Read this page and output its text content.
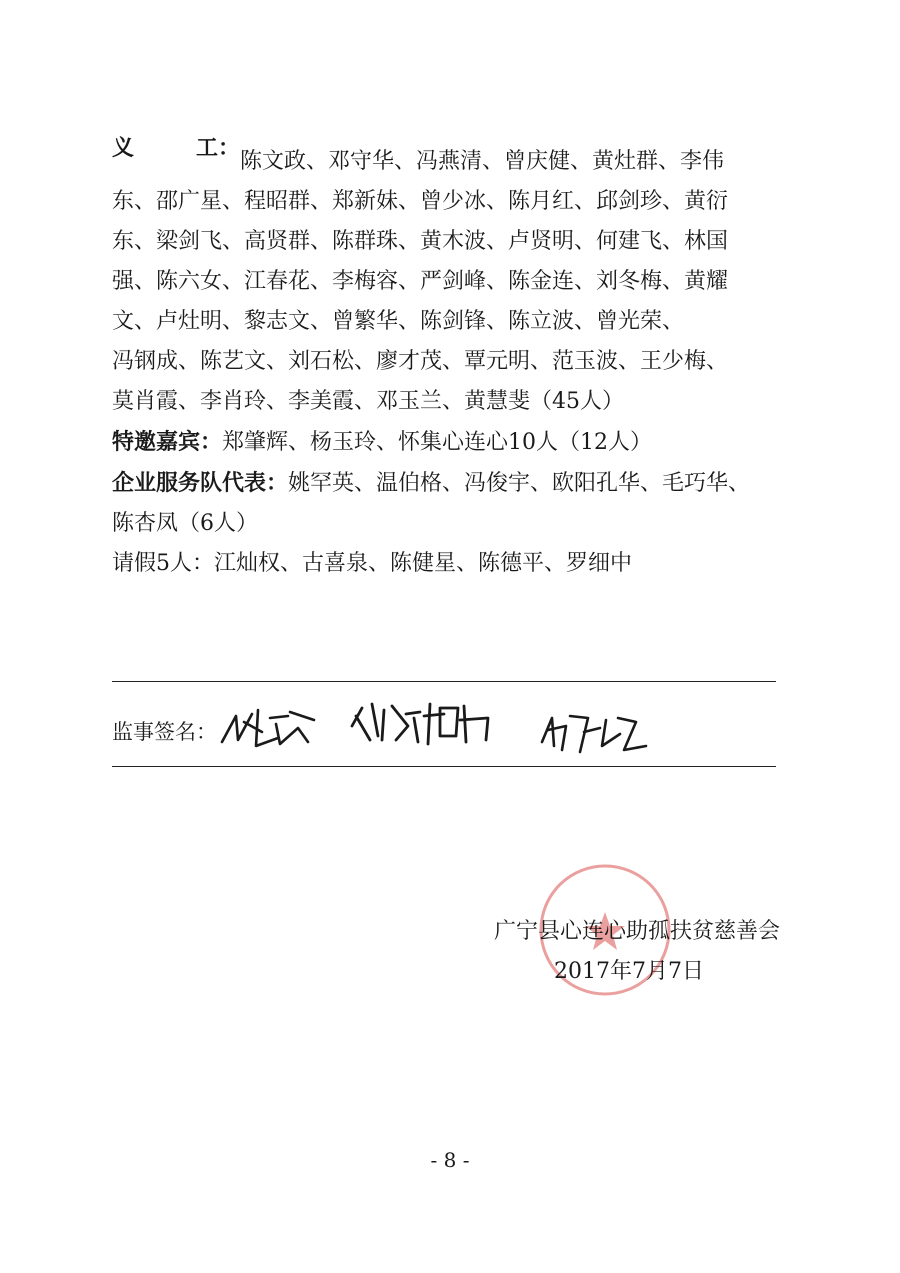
义	工：
陈文政、邓守华、冯燕清、曾庆健、黄灶群、李伟
东、邵广星、程昭群、郑新妹、曾少冰、陈月红、邱剑珍、黄衍
东、梁剑飞、高贤群、陈群珠、黄木波、卢贤明、何建飞、林国
强、陈六女、江春花、李梅容、严剑峰、陈金连、刘冬梅、黄耀
文、卢灶明、黎志文、曾繁华、陈剑锋、陈立波、曾光荣、
冯钢成、陈艺文、刘石松、廖才茂、覃元明、范玉波、王少梅、
莫肖霞、李肖玲、李美霞、邓玉兰、黄慧斐（45人）
特邀嘉宾：郑肇辉、杨玉玲、怀集心连心10人（12人）
企业服务队代表：姚罕英、温伯格、冯俊宇、欧阳孔华、毛巧华、
陈杏凤（6人）
请假5人：江灿权、古喜泉、陈健星、陈德平、罗细中
监事签名：
广宁县心连心助孤扶贫慈善会
2017年7月7日
- 8 -
